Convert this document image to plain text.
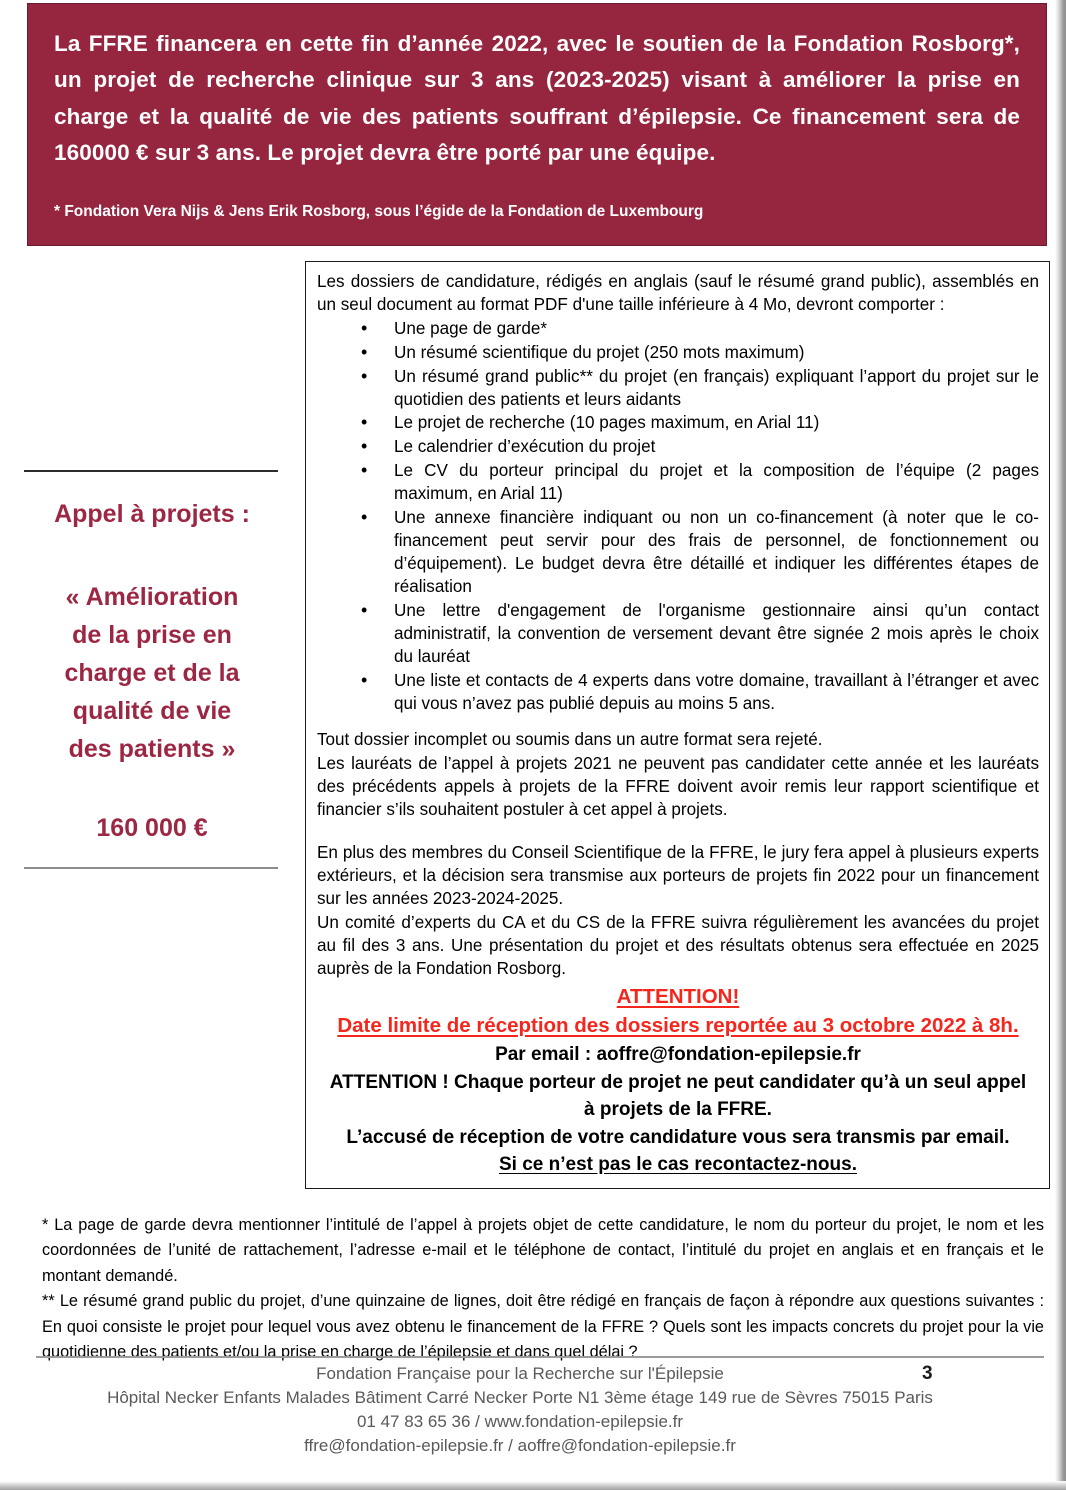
La FFRE financera en cette fin d’année 2022, avec le soutien de la Fondation Rosborg*, un projet de recherche clinique sur 3 ans (2023-2025) visant à améliorer la prise en charge et la qualité de vie des patients souffrant d’épilepsie. Ce financement sera de 160000 € sur 3 ans. Le projet devra être porté par une équipe.

* Fondation Vera Nijs & Jens Erik Rosborg, sous l’égide de la Fondation de Luxembourg

Appel à projets :

« Amélioration

de la prise en

charge et de la

qualité de vie

des patients »

160 000 €

Les dossiers de candidature, rédigés en anglais (sauf le résumé grand public), assemblés en un seul document au format PDF d'une taille inférieure à 4 Mo, devront comporter :

• Une page de garde*
• Un résumé scientifique du projet (250 mots maximum)
• Un résumé grand public** du projet (en français) expliquant l’apport du projet sur le quotidien des patients et leurs aidants
• Le projet de recherche (10 pages maximum, en Arial 11)
• Le calendrier d’exécution du projet
• Le CV du porteur principal du projet et la composition de l’équipe (2 pages maximum, en Arial 11)
• Une annexe financière indiquant ou non un co-financement (à noter que le co-financement peut servir pour des frais de personnel, de fonctionnement ou d’équipement). Le budget devra être détaillé et indiquer les différentes étapes de réalisation
• Une lettre d'engagement de l'organisme gestionnaire ainsi qu’un contact administratif, la convention de versement devant être signée 2 mois après le choix du lauréat
• Une liste et contacts de 4 experts dans votre domaine, travaillant à l’étranger et avec qui vous n’avez pas publié depuis au moins 5 ans.

Tout dossier incomplet ou soumis dans un autre format sera rejeté.

Les lauréats de l’appel à projets 2021 ne peuvent pas candidater cette année et les lauréats des précédents appels à projets de la FFRE doivent avoir remis leur rapport scientifique et financier s’ils souhaitent postuler à cet appel à projets.

En plus des membres du Conseil Scientifique de la FFRE, le jury fera appel à plusieurs experts extérieurs, et la décision sera transmise aux porteurs de projets fin 2022 pour un financement sur les années 2023-2024-2025.

Un comité d’experts du CA et du CS de la FFRE suivra régulièrement les avancées du projet au fil des 3 ans. Une présentation du projet et des résultats obtenus sera effectuée en 2025 auprès de la Fondation Rosborg.

ATTENTION!
Date limite de réception des dossiers reportée au 3 octobre 2022 à 8h.
Par email : aoffre@fondation-epilepsie.fr
ATTENTION ! Chaque porteur de projet ne peut candidater qu’à un seul appel
à projets de la FFRE.
L’accusé de réception de votre candidature vous sera transmis par email.
Si ce n’est pas le cas recontactez-nous.

* La page de garde devra mentionner l’intitulé de l’appel à projets objet de cette candidature, le nom du porteur du projet, le nom et les coordonnées de l’unité de rattachement, l’adresse e-mail et le téléphone de contact, l’intitulé du projet en anglais et en français et le montant demandé.

** Le résumé grand public du projet, d’une quinzaine de lignes, doit être rédigé en français de façon à répondre aux questions suivantes : En quoi consiste le projet pour lequel vous avez obtenu le financement de la FFRE ? Quels sont les impacts concrets du projet pour la vie quotidienne des patients et/ou la prise en charge de l’épilepsie et dans quel délai ?

Fondation Française pour la Recherche sur l'Épilepsie

Hôpital Necker Enfants Malades Bâtiment Carré Necker Porte N1 3ème étage 149 rue de Sèvres 75015 Paris

01 47 83 65 36 / www.fondation-epilepsie.fr

ffre@fondation-epilepsie.fr / aoffre@fondation-epilepsie.fr

3
